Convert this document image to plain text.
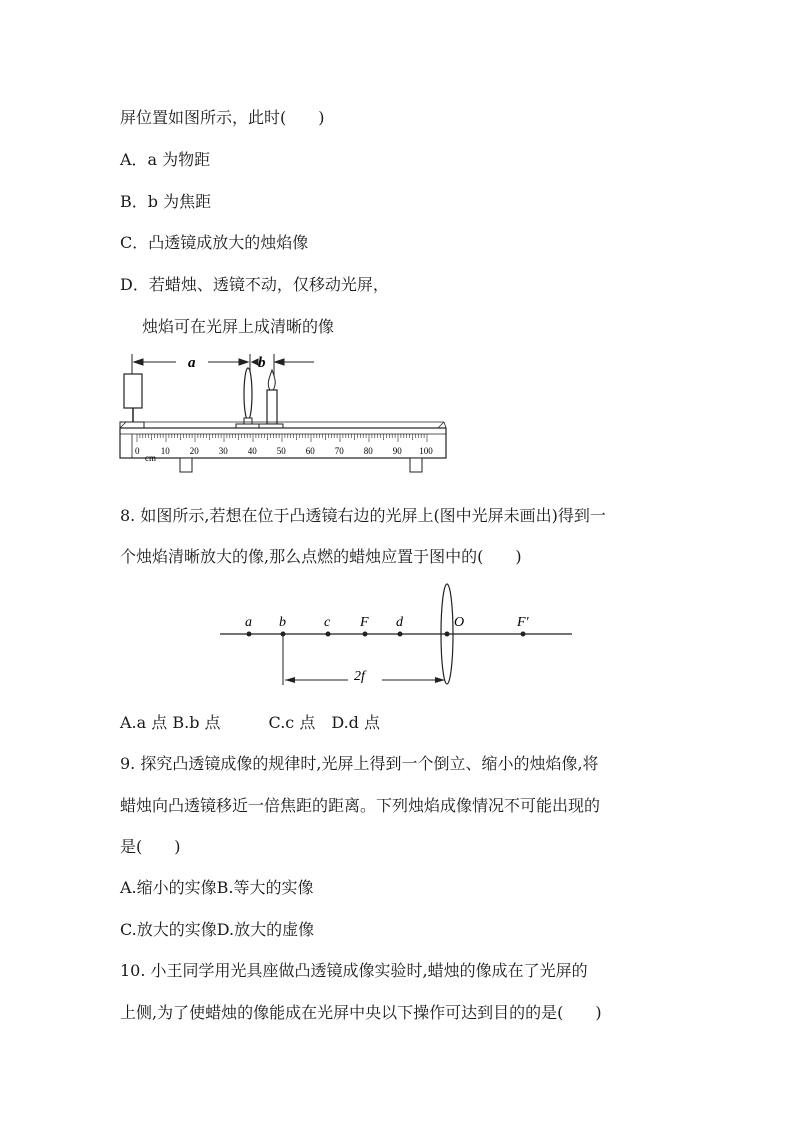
屏位置如图所示，此时(　　)
A．a 为物距
B．b 为焦距
C．凸透镜成放大的烛焰像
D．若蜡烛、透镜不动，仅移动光屏，
烛焰可在光屏上成清晰的像
a	b
0 10 20 30 40 50 60 70 80 90 100
cm
8. 如图所示,若想在位于凸透镜右边的光屏上(图中光屏未画出)得到一
个烛焰清晰放大的像,那么点燃的蜡烛应置于图中的(　　)
a b	c F d	O	F′
2f
A.a 点 B.b 点　　　C.c 点　D.d 点
9. 探究凸透镜成像的规律时,光屏上得到一个倒立、缩小的烛焰像,将
蜡烛向凸透镜移近一倍焦距的距离。下列烛焰成像情况不可能出现的
是(　　)
A.缩小的实像B.等大的实像
C.放大的实像D.放大的虚像
10. 小王同学用光具座做凸透镜成像实验时,蜡烛的像成在了光屏的
上侧,为了使蜡烛的像能成在光屏中央以下操作可达到目的的是(　　)
